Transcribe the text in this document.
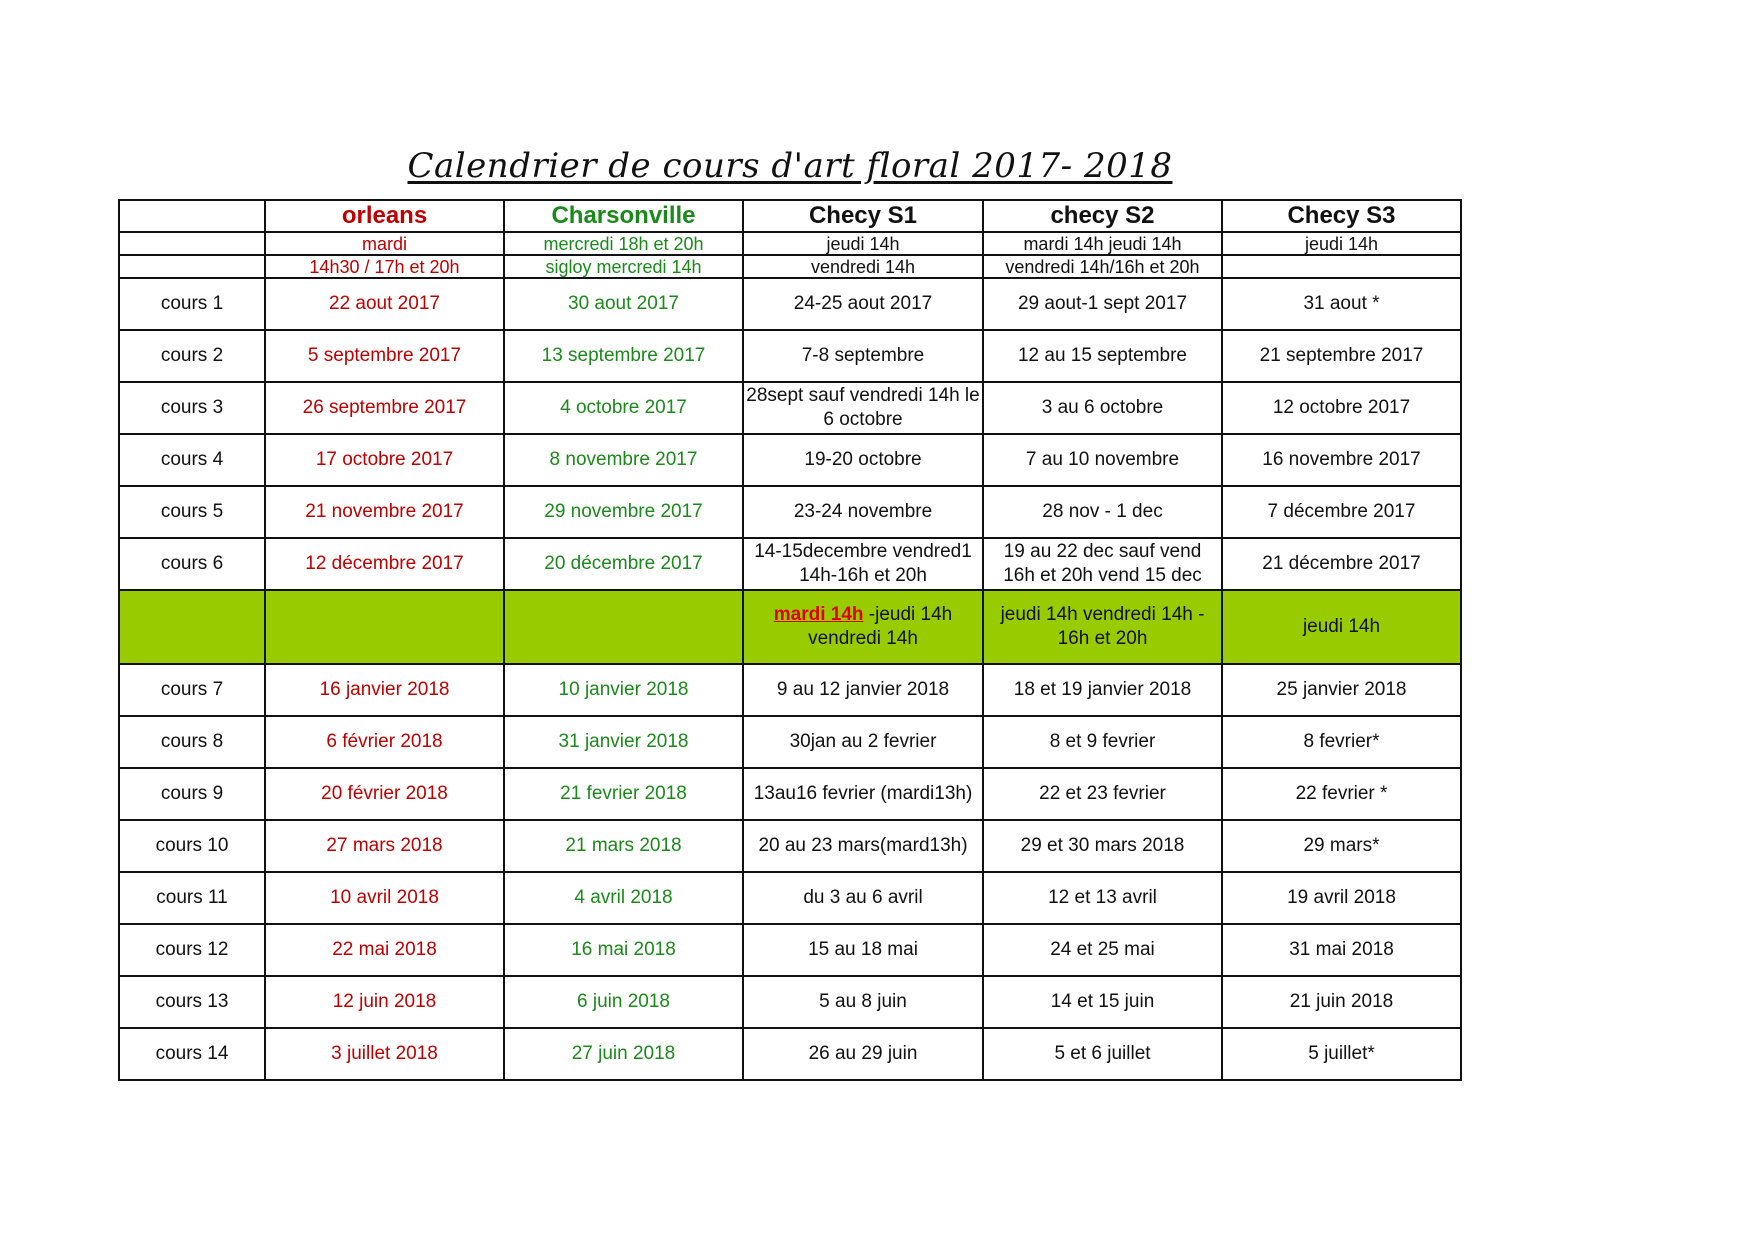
Calendrier de cours d'art floral 2017- 2018
	orleans	Charsonville	Checy S1	checy S2	Checy S3
	mardi	mercredi 18h et 20h	jeudi 14h	mardi 14h jeudi 14h	jeudi 14h
	14h30 / 17h et 20h	sigloy mercredi 14h	vendredi 14h	vendredi 14h/16h et 20h	
cours 1	22 aout 2017	30 aout 2017	24-25 aout 2017	29 aout-1 sept 2017	31 aout *
cours 2	5 septembre 2017	13 septembre 2017	7-8 septembre	12 au 15 septembre	21 septembre 2017
cours 3	26 septembre 2017	4 octobre 2017	28sept sauf vendredi 14h le 6 octobre	3 au 6 octobre	12 octobre 2017
cours 4	17 octobre 2017	8 novembre 2017	19-20 octobre	7 au 10 novembre	16 novembre 2017
cours 5	21 novembre 2017	29 novembre 2017	23-24 novembre	28 nov - 1 dec	7 décembre 2017
cours 6	12 décembre 2017	20 décembre 2017	14-15decembre vendred1 14h-16h et 20h	19 au 22 dec sauf vend 16h et 20h vend 15 dec	21 décembre 2017
			mardi 14h -jeudi 14h vendredi 14h	jeudi 14h vendredi 14h - 16h et 20h	jeudi 14h
cours 7	16 janvier 2018	10 janvier 2018	9 au 12 janvier 2018	18 et 19 janvier 2018	25 janvier 2018
cours 8	6 février 2018	31 janvier 2018	30jan au 2 fevrier	8 et 9 fevrier	8 fevrier*
cours 9	20 février 2018	21 fevrier 2018	13au16 fevrier (mardi13h)	22 et 23 fevrier	22 fevrier *
cours 10	27 mars 2018	21 mars 2018	20 au 23 mars(mard13h)	29 et 30 mars 2018	29 mars*
cours 11	10 avril 2018	4 avril 2018	du 3 au 6 avril	12 et 13 avril	19 avril 2018
cours 12	22 mai 2018	16 mai 2018	15 au 18 mai	24 et 25 mai	31 mai 2018
cours 13	12 juin 2018	6 juin 2018	5 au 8 juin	14 et 15 juin	21 juin 2018
cours 14	3 juillet 2018	27 juin 2018	26 au 29 juin	5 et 6 juillet	5 juillet*
